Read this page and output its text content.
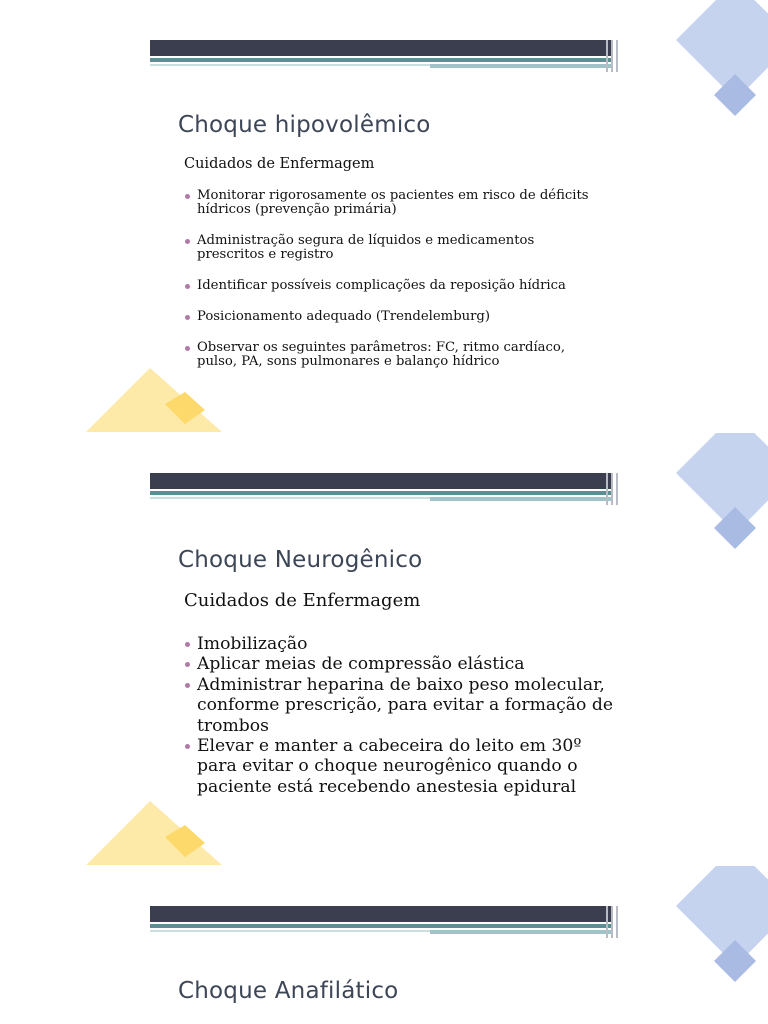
Choque hipovolêmico

Cuidados de Enfermagem

Monitorar rigorosamente os pacientes em risco de déficits hídricos (prevenção primária)
Administração segura de líquidos e medicamentos prescritos e registro
Identificar possíveis complicações da reposição hídrica
Posicionamento adequado (Trendelemburg)
Observar os seguintes parâmetros: FC, ritmo cardíaco, pulso, PA, sons pulmonares e balanço hídrico
Choque Neurogênico

Cuidados de Enfermagem

Imobilização
Aplicar meias de compressão elástica
Administrar heparina de baixo peso molecular, conforme prescrição, para evitar a formação de trombos
Elevar e manter a cabeceira do leito em 30º para evitar o choque neurogênico quando o paciente está recebendo anestesia epidural
Choque Anafilático
